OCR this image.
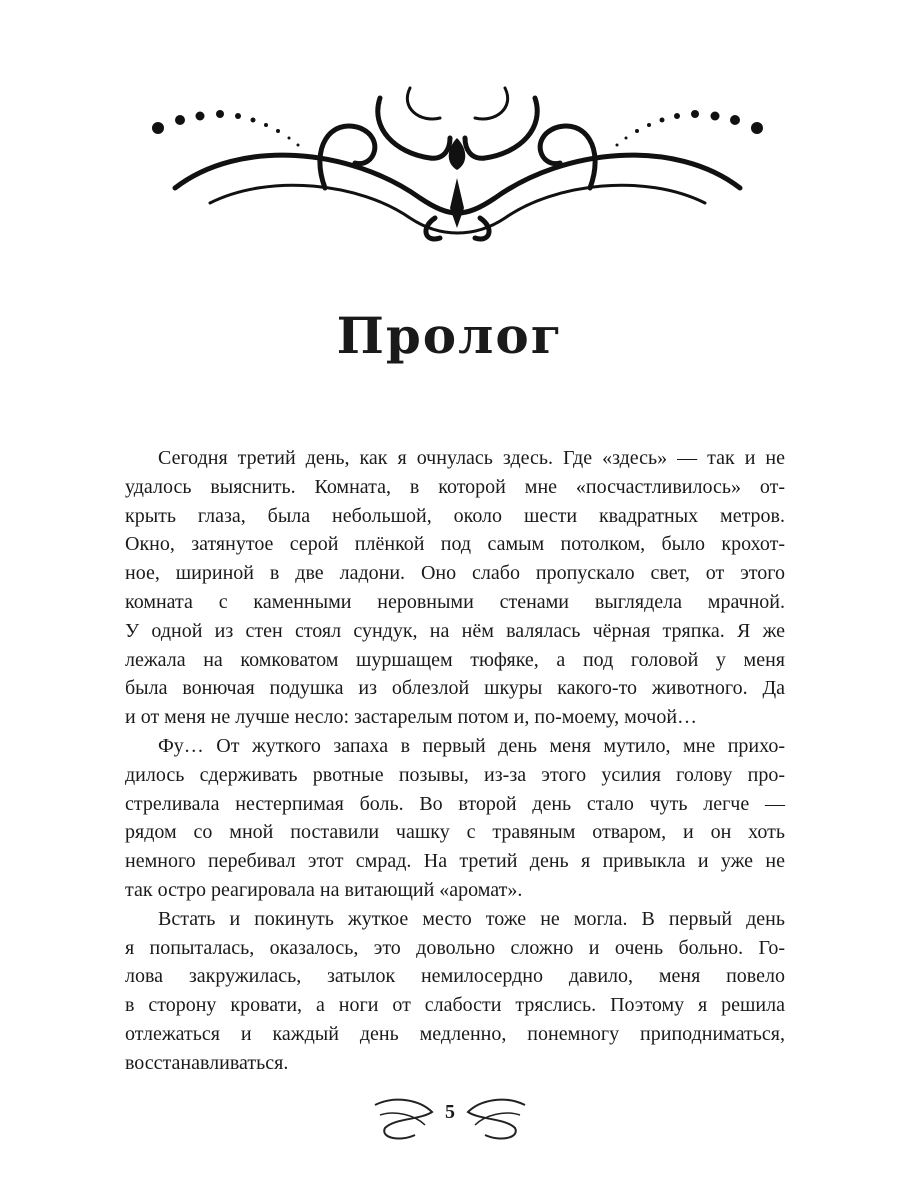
Пролог
Сегодня третий день, как я очнулась здесь. Где «здесь» — так и не
удалось выяснить. Комната, в которой мне «посчастливилось» от-
крыть глаза, была небольшой, около шести квадратных метров.
Окно, затянутое серой плёнкой под самым потолком, было крохот-
ное, шириной в две ладони. Оно слабо пропускало свет, от этого
комната с каменными неровными стенами выглядела мрачной.
У одной из стен стоял сундук, на нём валялась чёрная тряпка. Я же
лежала на комковатом шуршащем тюфяке, а под головой у меня
была вонючая подушка из облезлой шкуры какого-то животного. Да
и от меня не лучше несло: застарелым потом и, по-моему, мочой…
Фу… От жуткого запаха в первый день меня мутило, мне прихо-
дилось сдерживать рвотные позывы, из-за этого усилия голову про-
стреливала нестерпимая боль. Во второй день стало чуть легче —
рядом со мной поставили чашку с травяным отваром, и он хоть
немного перебивал этот смрад. На третий день я привыкла и уже не
так остро реагировала на витающий «аромат».
Встать и покинуть жуткое место тоже не могла. В первый день
я попыталась, оказалось, это довольно сложно и очень больно. Го-
лова закружилась, затылок немилосердно давило, меня повело
в сторону кровати, а ноги от слабости тряслись. Поэтому я решила
отлежаться и каждый день медленно, понемногу приподниматься,
восстанавливаться.
5
